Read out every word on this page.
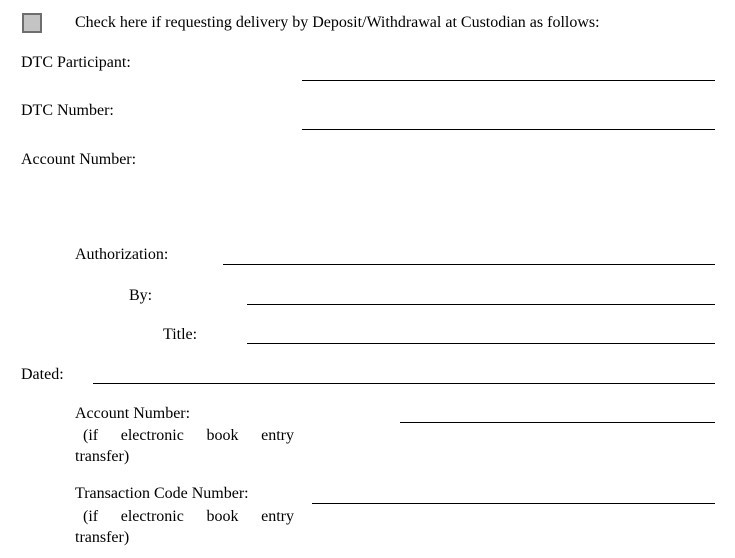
Check here if requesting delivery by Deposit/Withdrawal at Custodian as follows:
DTC Participant:
DTC Number:
Account Number:
Authorization:
By:
Title:
Dated:
Account Number:
(if electronic book entry transfer)
Transaction Code Number:
(if electronic book entry transfer)
